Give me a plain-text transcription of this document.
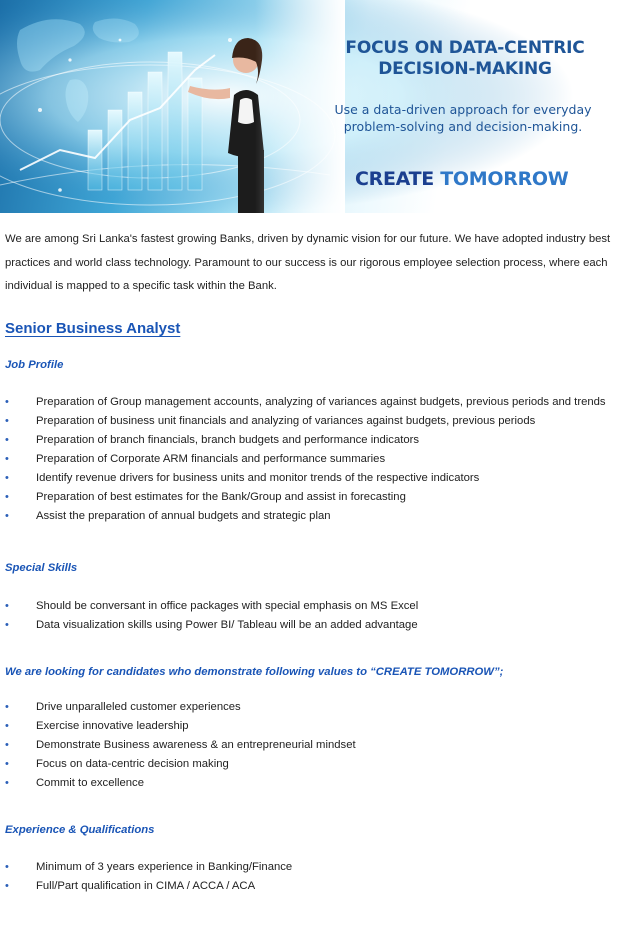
FOCUS ON DATA-CENTRIC
DECISION-MAKING
Use a data-driven approach for everyday
problem-solving and decision-making.
CREATE TOMORROW

We are among Sri Lanka's fastest growing Banks, driven by dynamic vision for our future. We have adopted industry best practices and world class technology. Paramount to our success is our rigorous employee selection process, where each individual is mapped to a specific task within the Bank.

Senior Business Analyst
Job Profile
• Preparation of Group management accounts, analyzing of variances against budgets, previous periods and trends
• Preparation of business unit financials and analyzing of variances against budgets, previous periods
• Preparation of branch financials, branch budgets and performance indicators
• Preparation of Corporate ARM financials and performance summaries
• Identify revenue drivers for business units and monitor trends of the respective indicators
• Preparation of best estimates for the Bank/Group and assist in forecasting
• Assist the preparation of annual budgets and strategic plan
Special Skills
• Should be conversant in office packages with special emphasis on MS Excel
• Data visualization skills using Power BI/ Tableau will be an added advantage
We are looking for candidates who demonstrate following values to “CREATE TOMORROW”;
• Drive unparalleled customer experiences
• Exercise innovative leadership
• Demonstrate Business awareness & an entrepreneurial mindset
• Focus on data-centric decision making
• Commit to excellence
Experience & Qualifications
• Minimum of 3 years experience in Banking/Finance
• Full/Part qualification in CIMA / ACCA / ACA
